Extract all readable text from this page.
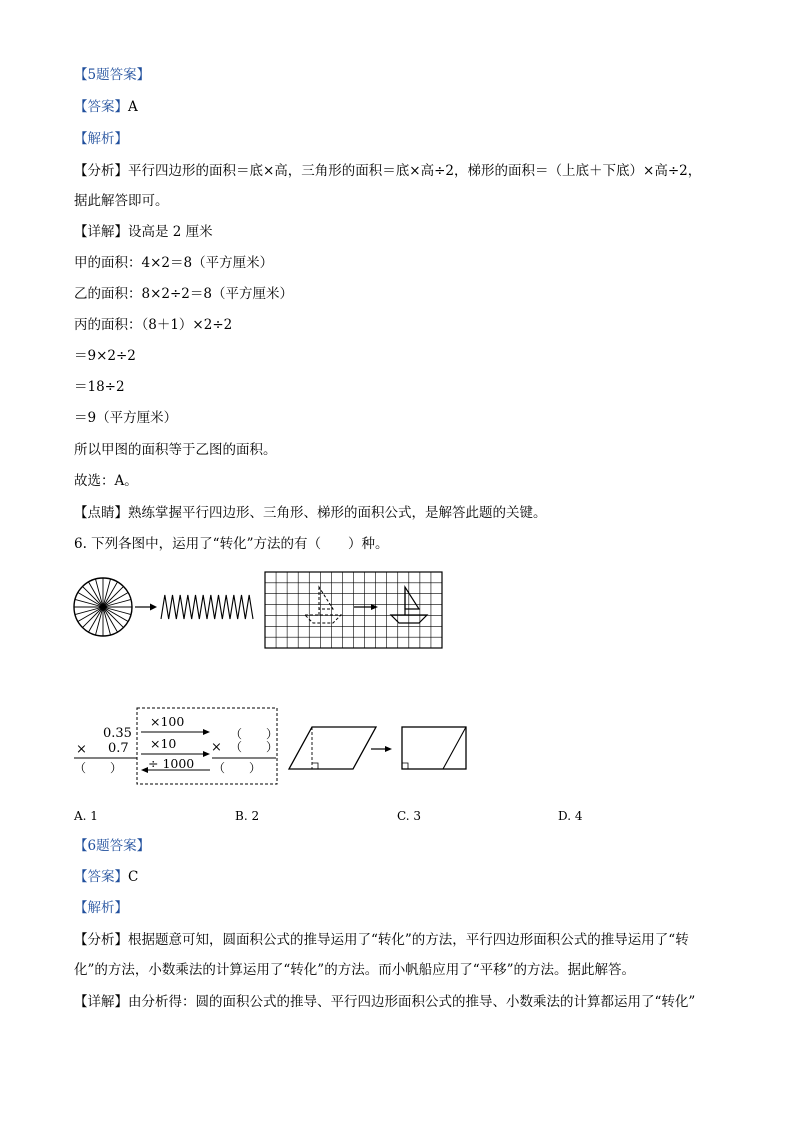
【5题答案】
【答案】A
【解析】
【分析】平行四边形的面积＝底×高，三角形的面积＝底×高÷2，梯形的面积＝（上底＋下底）×高÷2，
据此解答即可。
【详解】设高是 2 厘米
甲的面积：4×2＝8（平方厘米）
乙的面积：8×2÷2＝8（平方厘米）
丙的面积：（8＋1）×2÷2
＝9×2÷2
＝18÷2
＝9（平方厘米）
所以甲图的面积等于乙图的面积。
故选：A。
【点睛】熟练掌握平行四边形、三角形、梯形的面积公式，是解答此题的关键。
6. 下列各图中，运用了“转化”方法的有（　　）种。
0.35
× 0.7
（　　）
×100
×10
÷ 1000
（　　）
× （　　）
（　　）
A. 1	B. 2	C. 3	D. 4
【6题答案】
【答案】C
【解析】
【分析】根据题意可知，圆面积公式的推导运用了“转化”的方法，平行四边形面积公式的推导运用了“转
化”的方法，小数乘法的计算运用了“转化”的方法。而小帆船应用了“平移”的方法。据此解答。
【详解】由分析得：圆的面积公式的推导、平行四边形面积公式的推导、小数乘法的计算都运用了“转化”
